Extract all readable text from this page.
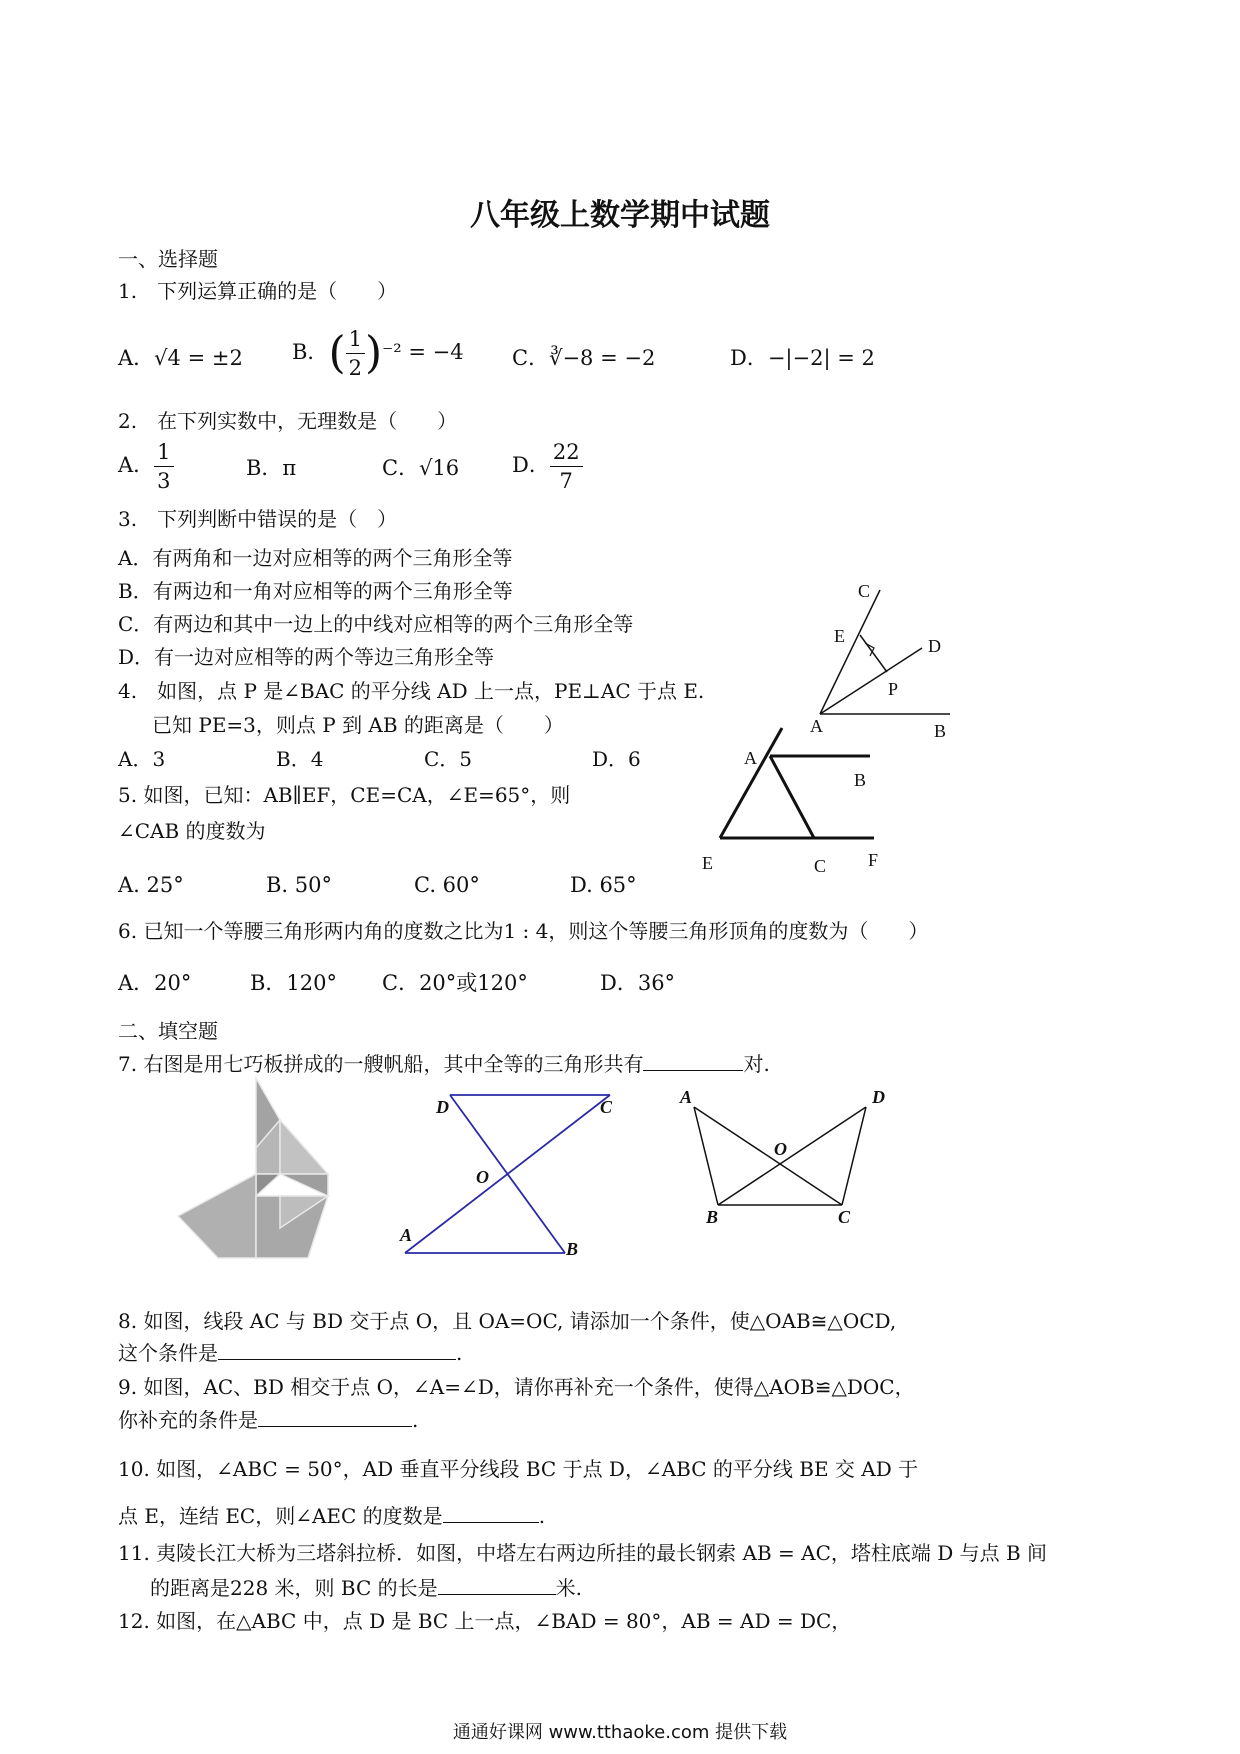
八年级上数学期中试题
一、选择题
1.　下列运算正确的是（　　）
A．√4 = ±2 B．( $\frac{1}{2} )^{-2} = -4$ C．∛−8 = −2	D．−|−2| = 2
2.　在下列实数中，无理数是（　　）
A． $\frac{1}{3}$	B．π	C．√16	D． $\frac{22}{7}$
3.　下列判断中错误的是（　）
A．有两角和一边对应相等的两个三角形全等
B．有两边和一角对应相等的两个三角形全等
C．有两边和其中一边上的中线对应相等的两个三角形全等
D．有一边对应相等的两个等边三角形全等
4.　如图，点 P 是∠BAC 的平分线 AD 上一点，PE⊥AC 于点 E.
已知 PE=3，则点 P 到 AB 的距离是（　　）
A．3	B．4	C．5	D．6
C
E	D
P
A	B
5. 如图，已知：AB∥EF，CE=CA，∠E=65°，则
∠CAB 的度数为
A. 25°	B. 50°	C. 60°	D. 65°
A
B
E	C F
6. 已知一个等腰三角形两内角的度数之比为1 : 4，则这个等腰三角形顶角的度数为（　　）
A．20°	B．120° C．20°或120°	D．36°
二、填空题
7. 右图是用七巧板拼成的一艘帆船，其中全等的三角形共有	对.
D	C
O
A
B
A	D
O
B	C
8. 如图，线段 AC 与 BD 交于点 O，且 OA=OC, 请添加一个条件，使△OAB≅△OCD,
这个条件是	.
9. 如图，AC、BD 相交于点 O，∠A=∠D，请你再补充一个条件，使得△AOB≌△DOC，
你补充的条件是	.
10. 如图，∠ABC = 50°，AD 垂直平分线段 BC 于点 D，∠ABC 的平分线 BE 交 AD 于
点 E，连结 EC，则∠AEC 的度数是	.
11. 夷陵长江大桥为三塔斜拉桥．如图，中塔左右两边所挂的最长钢索 AB = AC，塔柱底端 D 与点 B 间
的距离是228 米，则 BC 的长是	米.
12. 如图，在△ABC 中，点 D 是 BC 上一点，∠BAD = 80°，AB = AD = DC，
通通好课网 www.tthaoke.com 提供下载
